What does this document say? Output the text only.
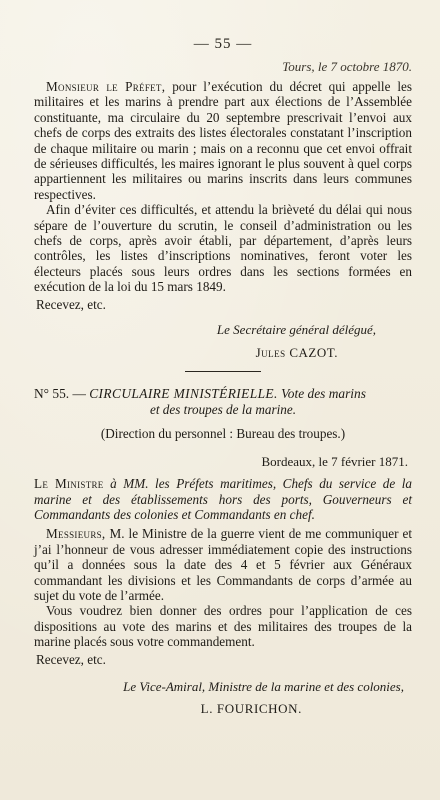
— 55 —
Tours, le 7 octobre 1870.

Monsieur le Préfet, pour l’exécution du décret qui appelle les militaires et les marins à prendre part aux élections de l’Assemblée constituante, ma circulaire du 20 septembre prescrivait l’envoi aux chefs de corps des extraits des listes électorales constatant l’inscription de chaque militaire ou marin ; mais on a reconnu que cet envoi offrait de sérieuses difficultés, les maires ignorant le plus souvent à quel corps appartiennent les militaires ou marins inscrits dans leurs communes respectives.

Afin d’éviter ces difficultés, et attendu la brièveté du délai qui nous sépare de l’ouverture du scrutin, le conseil d’administration ou les chefs de corps, après avoir établi, par département, d’après leurs contrôles, les listes d’inscriptions nominatives, feront voter les électeurs placés sous leurs ordres dans les sections formées en exécution de la loi du 15 mars 1849.

Recevez, etc.

Le Secrétaire général délégué,
Jules CAZOT.

N° 55. — CIRCULAIRE MINISTÉRIELLE. Vote des marins

et des troupes de la marine.
(Direction du personnel : Bureau des troupes.)
Bordeaux, le 7 février 1871.

Le Ministre à MM. les Préfets maritimes, Chefs du service de la marine et des établissements hors des ports, Gouverneurs et Commandants des colonies et Commandants en chef.

Messieurs, M. le Ministre de la guerre vient de me communiquer et j’ai l’honneur de vous adresser immédiatement copie des instructions qu’il a données sous la date des 4 et 5 février aux Généraux commandant les divisions et les Commandants de corps d’armée au sujet du vote de l’armée.

Vous voudrez bien donner des ordres pour l’application de ces dispositions au vote des marins et des militaires des troupes de la marine placés sous votre commandement.

Recevez, etc.

Le Vice-Amiral, Ministre de la marine et des colonies,
L. FOURICHON.
